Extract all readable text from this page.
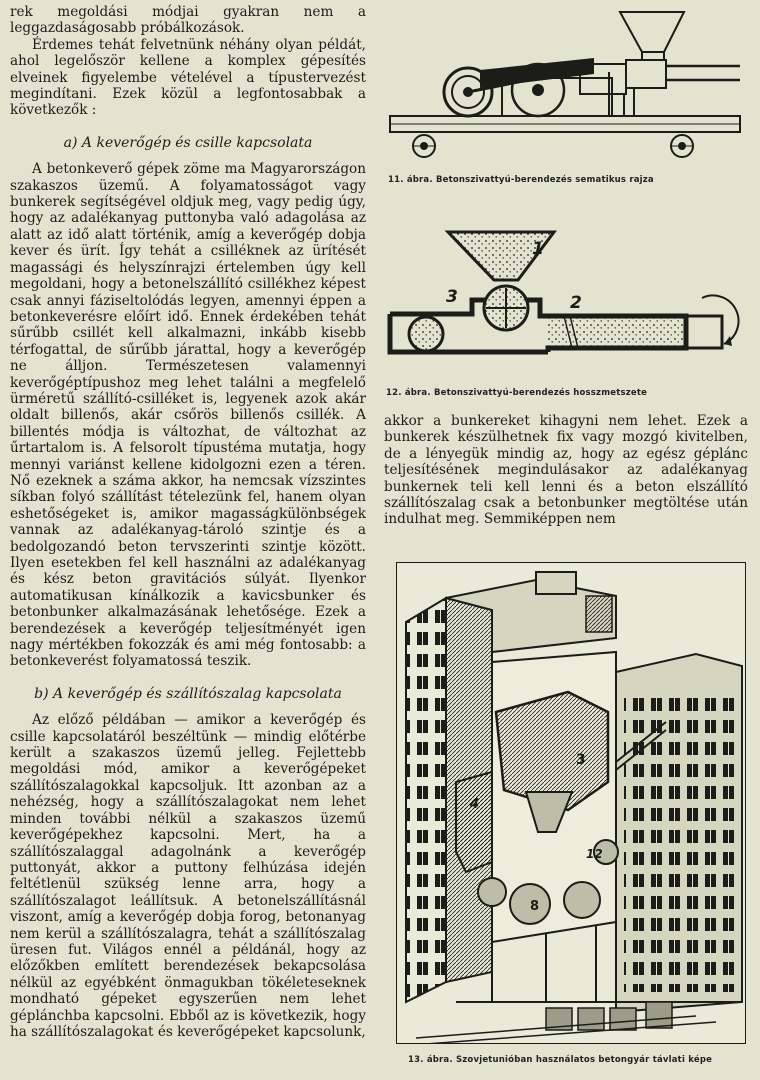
rek megoldási módjai gyakran nem a leggazdaságosabb próbálkozások.

Érdemes tehát felvetnünk néhány olyan példát, ahol legelőször kellene a komplex gépesítés elveinek figyelembe vételével a típustervezést megindítani. Ezek közül a legfontosabbak a következők :

a) A keverőgép és csille kapcsolata

A betonkeverő gépek zöme ma Magyarországon szakaszos üzemű. A folyamatosságot vagy bunkerek segítségével oldjuk meg, vagy pedig úgy, hogy az adalékanyag puttonyba való adagolása az alatt az idő alatt történik, amíg a keverőgép dobja kever és ürít. Így tehát a csilléknek az ürítését magassági és helyszínrajzi értelemben úgy kell megoldani, hogy a betonelszállító csillékhez képest csak annyi fáziseltolódás legyen, amennyi éppen a betonkeverésre előírt idő. Ennek érdekében tehát sűrűbb csillét kell alkalmazni, inkább kisebb térfogattal, de sűrűbb járattal, hogy a keverőgép ne álljon. Természetesen valamennyi keverőgéptípushoz meg lehet találni a megfelelő ürméretű szállító-csilléket is, legyenek azok akár oldalt billenős, akár csőrös billenős csillék. A billentés módja is változhat, de változhat az űrtartalom is. A felsorolt típustéma mutatja, hogy mennyi variánst kellene kidolgozni ezen a téren. Nő ezeknek a száma akkor, ha nemcsak vízszintes síkban folyó szállítást tételezünk fel, hanem olyan eshetőségeket is, amikor magasságkülönbségek vannak az adalékanyag-tároló szintje és a bedolgozandó beton tervszerinti szintje között. Ilyen esetekben fel kell használni az adalékanyag és kész beton gravitációs súlyát. Ilyenkor automatikusan kínálkozik a kavicsbunker és betonbunker alkalmazásának lehetősége. Ezek a berendezések a keverőgép teljesítményét igen nagy mértékben fokozzák és ami még fontosabb: a betonkeverést folyamatossá teszik.

b) A keverőgép és szállítószalag kapcsolata

Az előző példában — amikor a keverőgép és csille kapcsolatáról beszéltünk — mindig előtérbe került a szakaszos üzemű jelleg. Fejlettebb megoldási mód, amikor a keverőgépeket szállítószalagokkal kapcsoljuk. Itt azonban az a nehézség, hogy a szállítószalagokat nem lehet minden további nélkül a szakaszos üzemű keverőgépekhez kapcsolni. Mert, ha a szállítószalaggal adagolnánk a keverőgép puttonyát, akkor a puttony felhúzása idején feltétlenül szükség lenne arra, hogy a szállítószalagot leállítsuk. A betonelszállításnál viszont, amíg a keverőgép dobja forog, betonanyag nem kerül a szállítószalagra, tehát a szállítószalag üresen fut. Világos ennél a példánál, hogy az előzőkben említett berendezések bekapcsolása nélkül az egyébként önmagukban tökéleteseknek mondható gépeket egyszerűen nem lehet géplánchba kapcsolni. Ebből az is következik, hogy ha szállítószalagokat és keverőgépeket kapcsolunk,

11. ábra. Betonszivattyú-berendezés sematikus rajza
1
2
3
12. ábra. Betonszivattyú-berendezés hosszmetszete

akkor a bunkereket kihagyni nem lehet. Ezek a bunkerek készülhetnek fix vagy mozgó kivitelben, de a lényegük mindig az, hogy az egész géplánc teljesítésének megindulásakor az adalékanyag bunkernek teli kell lenni és a beton elszállító szállítószalag csak a betonbunker megtöltése után indulhat meg. Semmiképpen nem

3
4
8
12
13. ábra. Szovjetunióban használatos betongyár távlati képe
